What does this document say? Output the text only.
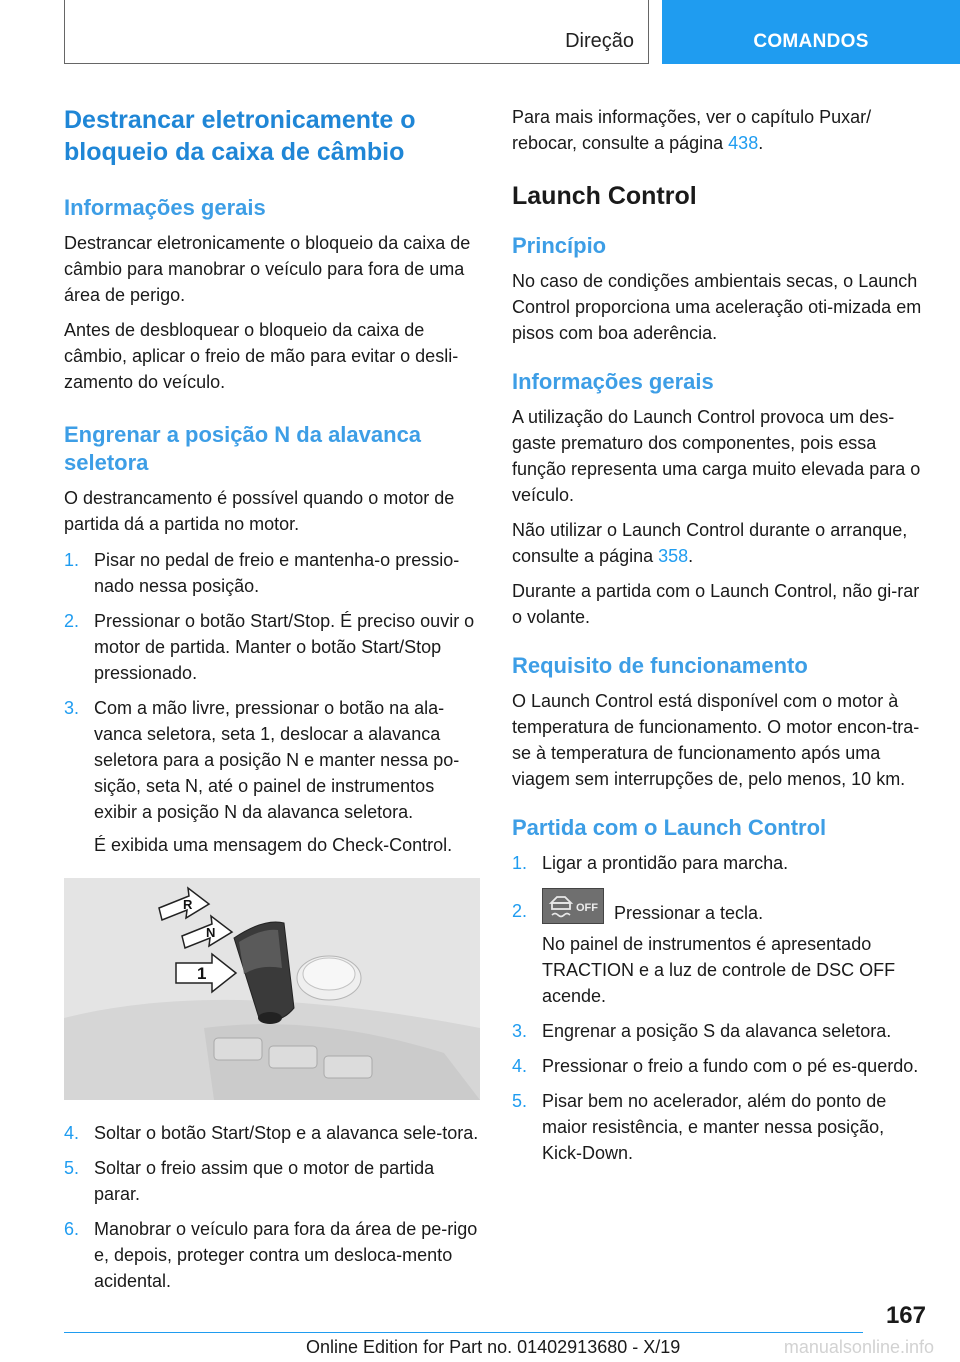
Direção	COMANDOS
Destrancar eletronicamente o bloqueio da caixa de câmbio
Informações gerais

Destrancar eletronicamente o bloqueio da caixa de câmbio para manobrar o veículo para fora de uma área de perigo.

Antes de desbloquear o bloqueio da caixa de câmbio, aplicar o freio de mão para evitar o desli-zamento do veículo.

Engrenar a posição N da alavanca seletora

O destrancamento é possível quando o motor de partida dá a partida no motor.

1. Pisar no pedal de freio e mantenha-o pressio-nado nessa posição.
2. Pressionar o botão Start/Stop. É preciso ouvir o motor de partida. Manter o botão Start/Stop pressionado.
3. Com a mão livre, pressionar o botão na ala-vanca seletora, seta 1, deslocar a alavanca seletora para a posição N e manter nessa po-sição, seta N, até o painel de instrumentos exibir a posição N da alavanca seletora.
É exibida uma mensagem do Check-Control.
R
N
1
4. Soltar o botão Start/Stop e a alavanca sele-tora.
5. Soltar o freio assim que o motor de partida parar.
6. Manobrar o veículo para fora da área de pe-rigo e, depois, proteger contra um desloca-mento acidental.

Para mais informações, ver o capítulo Puxar/ rebocar, consulte a página 438.

Launch Control
Princípio

No caso de condições ambientais secas, o Launch Control proporciona uma aceleração oti-mizada em pisos com boa aderência.

Informações gerais

A utilização do Launch Control provoca um des-gaste prematuro dos componentes, pois essa função representa uma carga muito elevada para o veículo.

Não utilizar o Launch Control durante o arranque, consulte a página 358.

Durante a partida com o Launch Control, não gi-rar o volante.

Requisito de funcionamento

O Launch Control está disponível com o motor à temperatura de funcionamento. O motor encon-tra-se à temperatura de funcionamento após uma viagem sem interrupções de, pelo menos, 10 km.

Partida com o Launch Control
1. Ligar a prontidão para marcha.
2.	OFF Pressionar a tecla.
No painel de instrumentos é apresentado TRACTION e a luz de controle de DSC OFF acende.
3. Engrenar a posição S da alavanca seletora.
4. Pressionar o freio a fundo com o pé es-querdo.
5. Pisar bem no acelerador, além do ponto de maior resistência, e manter nessa posição, Kick-Down.
167
Online Edition for Part no. 01402913680 - X/19	manualsonline.info
